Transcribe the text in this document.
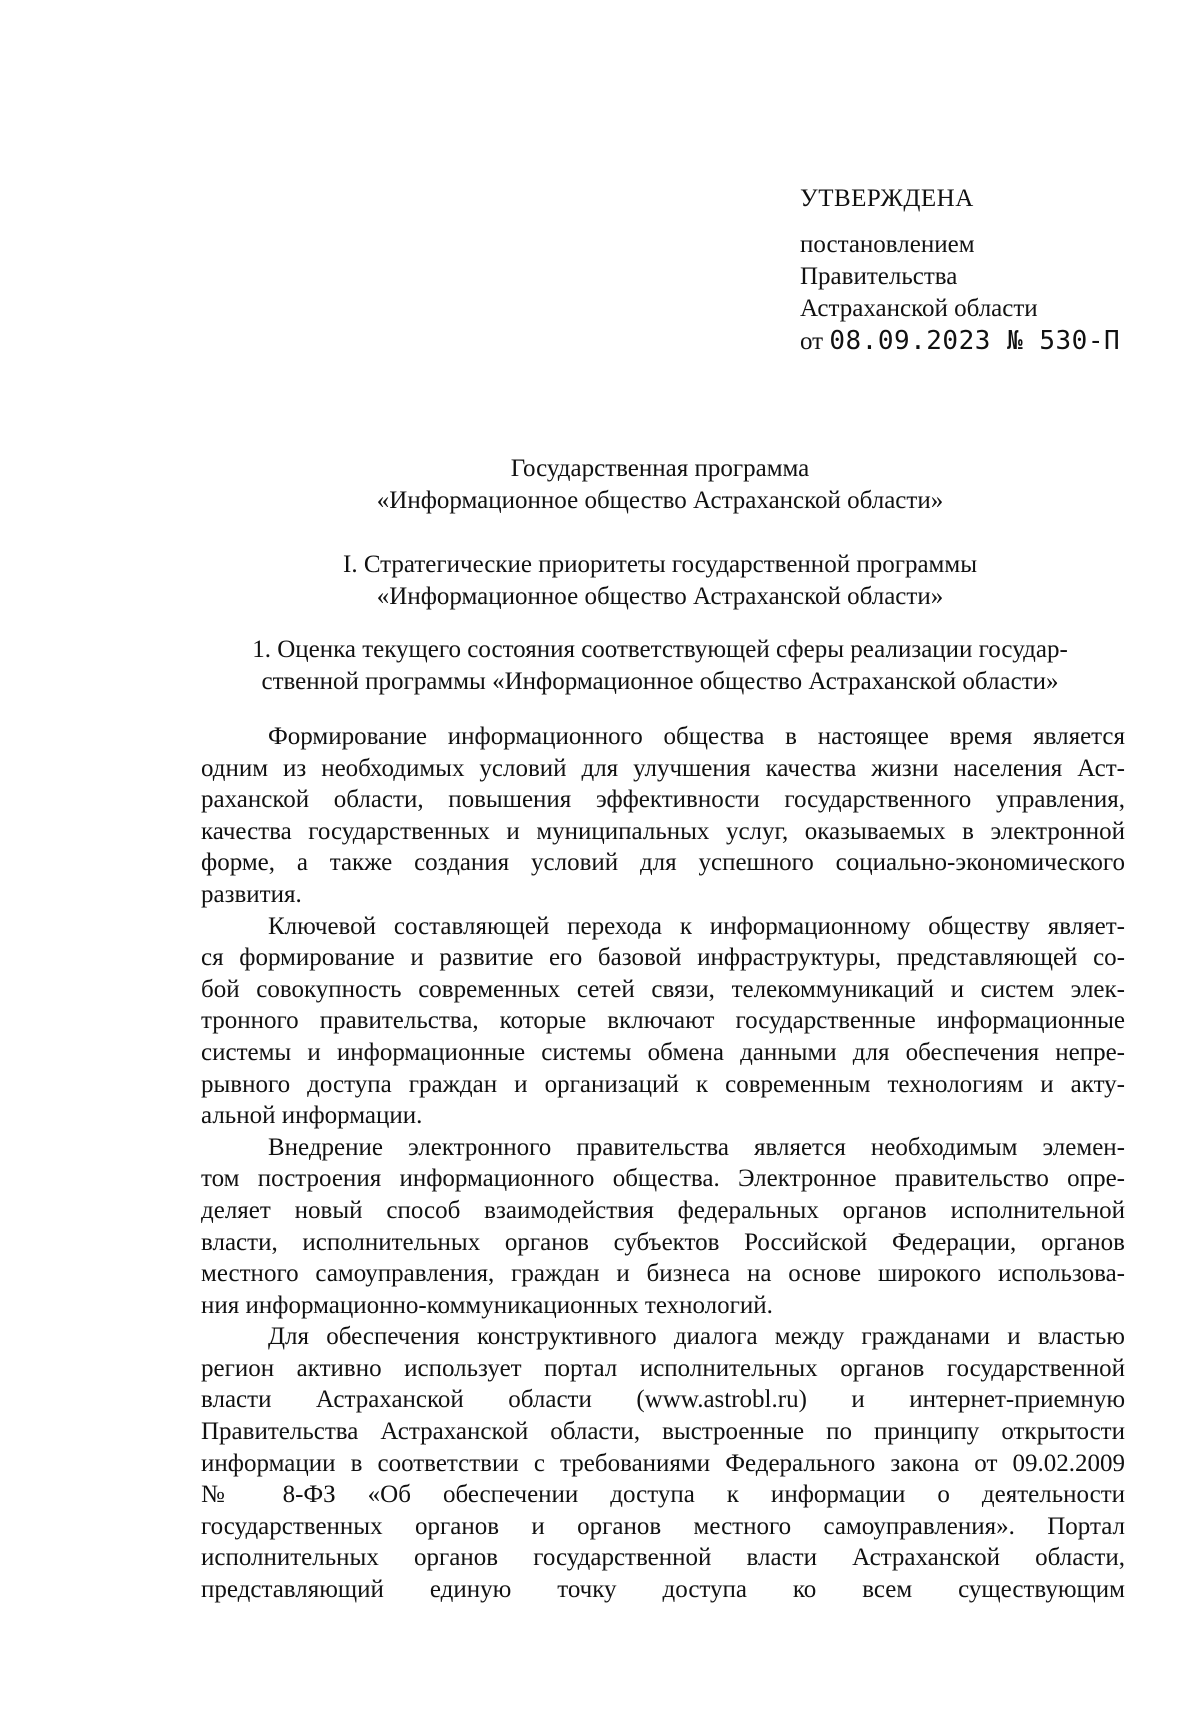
УТВЕРЖДЕНА
постановлением
Правительства
Астраханской области
от 08.09.2023 № 530-П
Государственная программа
«Информационное общество Астраханской области»
I. Стратегические приоритеты государственной программы
«Информационное общество Астраханской области»
1. Оценка текущего состояния соответствующей сферы реализации государ-
ственной программы «Информационное общество Астраханской области»
Формирование информационного общества в настоящее время является
одним из необходимых условий для улучшения качества жизни населения Аст-
раханской области, повышения эффективности государственного управления,
качества государственных и муниципальных услуг, оказываемых в электронной
форме, а также создания условий для успешного социально-экономического
развития.
Ключевой составляющей перехода к информационному обществу являет-
ся формирование и развитие его базовой инфраструктуры, представляющей со-
бой совокупность современных сетей связи, телекоммуникаций и систем элек-
тронного правительства, которые включают государственные информационные
системы и информационные системы обмена данными для обеспечения непре-
рывного доступа граждан и организаций к современным технологиям и акту-
альной информации.
Внедрение электронного правительства является необходимым элемен-
том построения информационного общества. Электронное правительство опре-
деляет новый способ взаимодействия федеральных органов исполнительной
власти, исполнительных органов субъектов Российской Федерации, органов
местного самоуправления, граждан и бизнеса на основе широкого использова-
ния информационно-коммуникационных технологий.
Для обеспечения конструктивного диалога между гражданами и властью
регион активно использует портал исполнительных органов государственной
власти Астраханской области (www.astrobl.ru) и интернет-приемную
Правительства Астраханской области, выстроенные по принципу открытости
информации в соответствии с требованиями Федерального закона от 09.02.2009
№ 8-ФЗ «Об обеспечении доступа к информации о деятельности
государственных органов и органов местного самоуправления». Портал
исполнительных органов государственной власти Астраханской области,
представляющий единую точку доступа ко всем существующим
